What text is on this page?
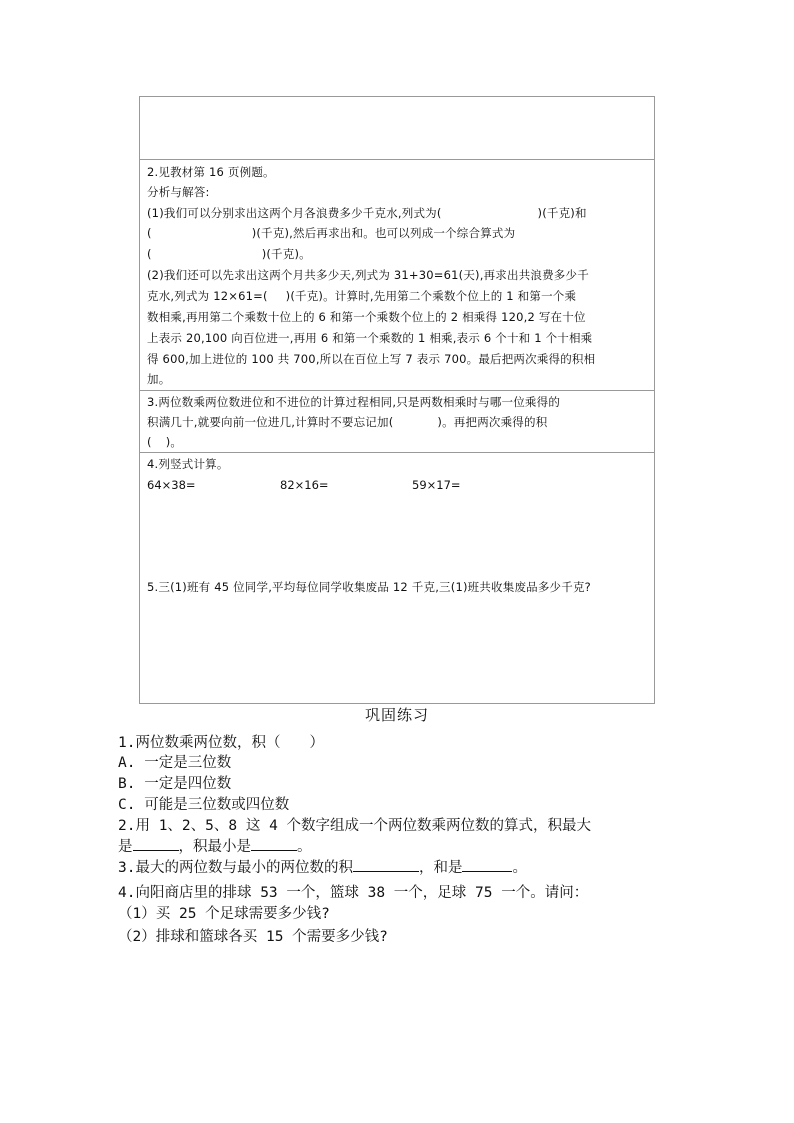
2.见教材第 16 页例题。
分析与解答:
(1)我们可以分别求出这两个月各浪费多少千克水,列式为(	)(千克)和
(	)(千克),然后再求出和。也可以列成一个综合算式为
(	)(千克)。
(2)我们还可以先求出这两个月共多少天,列式为 31+30=61(天),再求出共浪费多少千
克水,列式为 12×61=( )(千克)。计算时,先用第二个乘数个位上的 1 和第一个乘
数相乘,再用第二个乘数十位上的 6 和第一个乘数个位上的 2 相乘得 120,2 写在十位
上表示 20,100 向百位进一,再用 6 和第一个乘数的 1 相乘,表示 6 个十和 1 个十相乘
得 600,加上进位的 100 共 700,所以在百位上写 7 表示 700。最后把两次乘得的积相
加。
3.两位数乘两位数进位和不进位的计算过程相同,只是两数相乘时与哪一位乘得的
积满几十,就要向前一位进几,计算时不要忘记加(	)。再把两次乘得的积
( )。
4.列竖式计算。
64×38=	82×16=	59×17=
5.三(1)班有 45 位同学,平均每位同学收集废品 12 千克,三(1)班共收集废品多少千克?
巩固练习
1.两位数乘两位数，积（　　）
A. 一定是三位数
B. 一定是四位数
C. 可能是三位数或四位数
2.用 1、2、5、8 这 4 个数字组成一个两位数乘两位数的算式，积最大
是	，积最小是	。
3.最大的两位数与最小的两位数的积	，和是	。
4.向阳商店里的排球 53 一个，篮球 38 一个，足球 75 一个。请问：
（1）买 25 个足球需要多少钱?
（2）排球和篮球各买 15 个需要多少钱?
